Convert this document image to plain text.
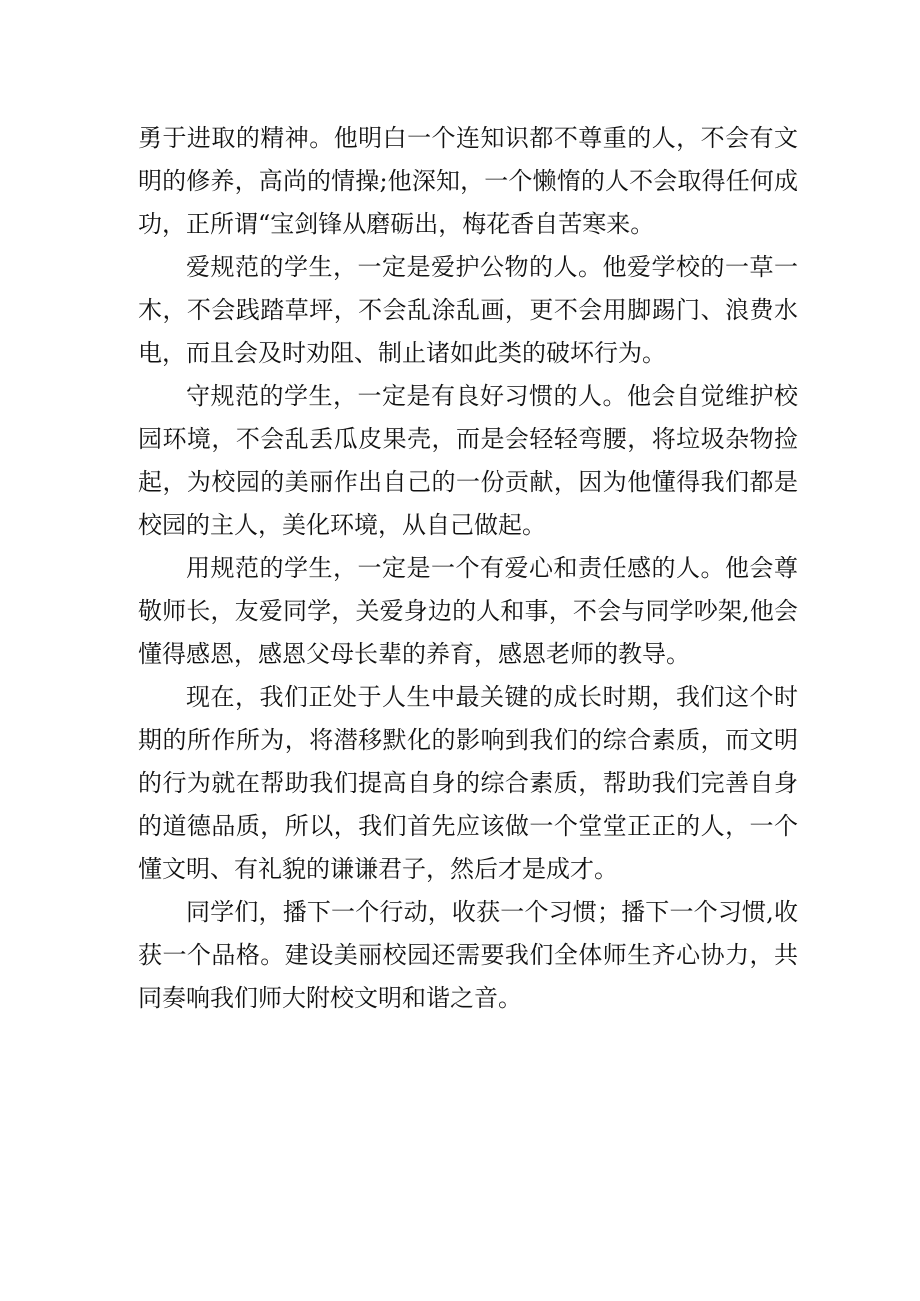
勇于进取的精神。他明白一个连知识都不尊重的人，不会有文明的修养，高尚的情操;他深知，一个懒惰的人不会取得任何成功，正所谓“宝剑锋从磨砺出，梅花香自苦寒来。

爱规范的学生，一定是爱护公物的人。他爱学校的一草一木，不会践踏草坪，不会乱涂乱画，更不会用脚踢门、浪费水电，而且会及时劝阻、制止诸如此类的破坏行为。

守规范的学生，一定是有良好习惯的人。他会自觉维护校园环境，不会乱丢瓜皮果壳，而是会轻轻弯腰，将垃圾杂物捡起，为校园的美丽作出自己的一份贡献，因为他懂得我们都是校园的主人，美化环境，从自己做起。

用规范的学生，一定是一个有爱心和责任感的人。他会尊敬师长，友爱同学，关爱身边的人和事，不会与同学吵架,他会懂得感恩，感恩父母长辈的养育，感恩老师的教导。

现在，我们正处于人生中最关键的成长时期，我们这个时期的所作所为，将潜移默化的影响到我们的综合素质，而文明的行为就在帮助我们提高自身的综合素质，帮助我们完善自身的道德品质，所以，我们首先应该做一个堂堂正正的人，一个懂文明、有礼貌的谦谦君子，然后才是成才。

同学们，播下一个行动，收获一个习惯；播下一个习惯,收获一个品格。建设美丽校园还需要我们全体师生齐心协力，共同奏响我们师大附校文明和谐之音。
